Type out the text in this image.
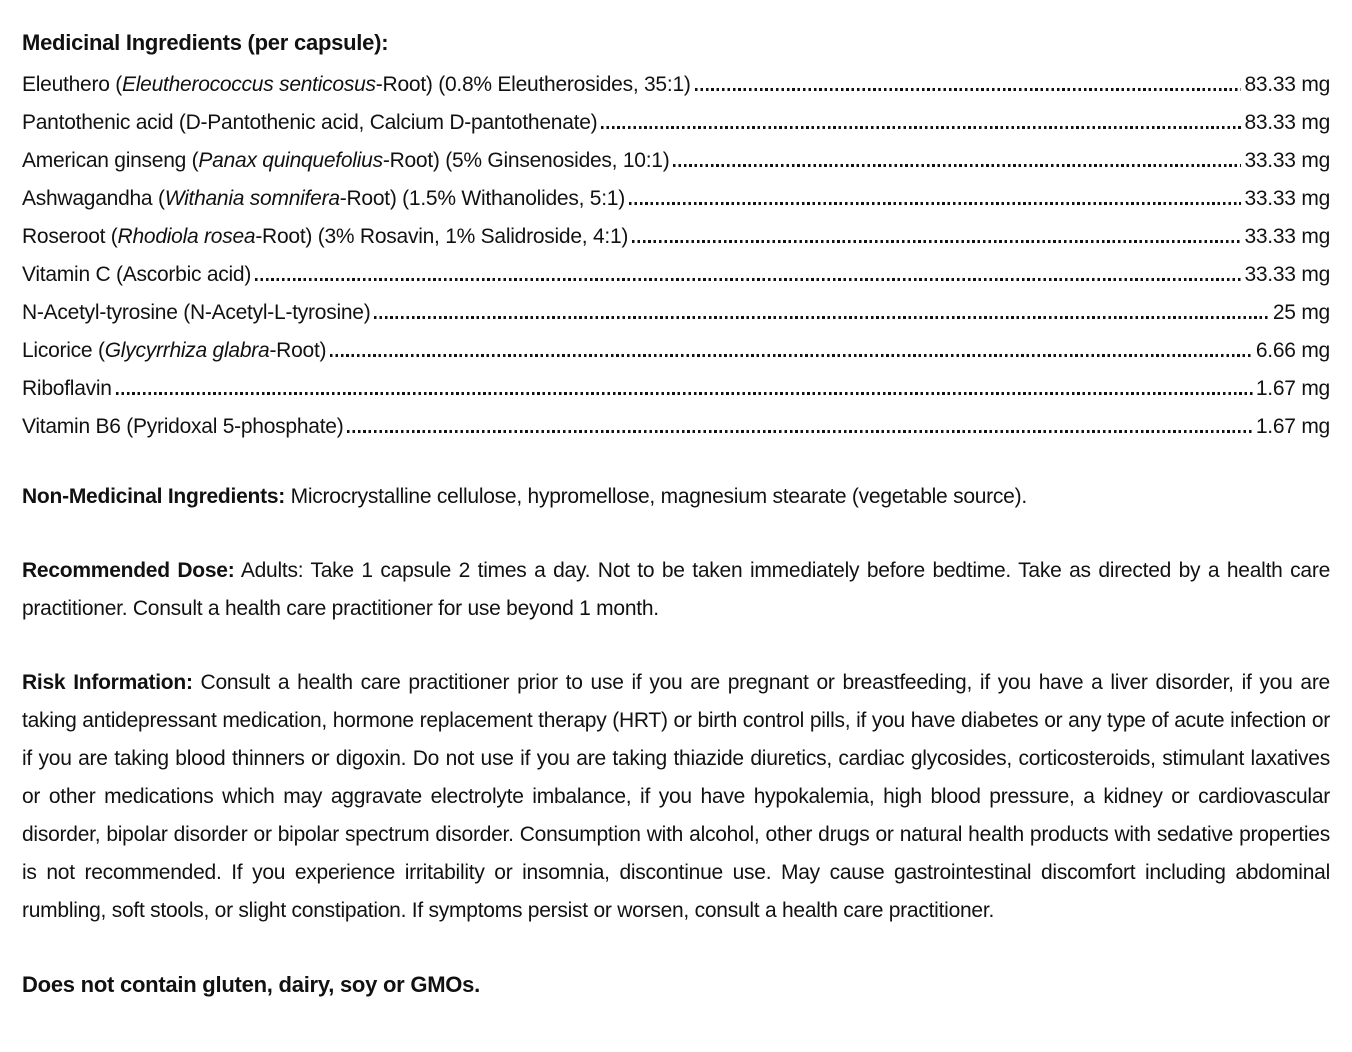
Medicinal Ingredients (per capsule):

Eleuthero (Eleutherococcus senticosus-Root) (0.8% Eleutherosides, 35:1)	83.33 mg
Pantothenic acid (D-Pantothenic acid, Calcium D-pantothenate)	83.33 mg
American ginseng (Panax quinquefolius-Root) (5% Ginsenosides, 10:1)	33.33 mg
Ashwagandha (Withania somnifera-Root) (1.5% Withanolides, 5:1)	33.33 mg
Roseroot (Rhodiola rosea-Root) (3% Rosavin, 1% Salidroside, 4:1)	33.33 mg
Vitamin C (Ascorbic acid)	33.33 mg
N-Acetyl-tyrosine (N-Acetyl-L-tyrosine)	25 mg
Licorice (Glycyrrhiza glabra-Root)	6.66 mg
Riboflavin	1.67 mg
Vitamin B6 (Pyridoxal 5-phosphate)	1.67 mg

Non-Medicinal Ingredients: Microcrystalline cellulose, hypromellose, magnesium stearate (vegetable source).

Recommended Dose: Adults: Take 1 capsule 2 times a day. Not to be taken immediately before bedtime. Take as directed by a health care practitioner. Consult a health care practitioner for use beyond 1 month.

Risk Information: Consult a health care practitioner prior to use if you are pregnant or breastfeeding, if you have a liver disorder, if you are taking antidepressant medication, hormone replacement therapy (HRT) or birth control pills, if you have diabetes or any type of acute infection or if you are taking blood thinners or digoxin. Do not use if you are taking thiazide diuretics, cardiac glycosides, corticosteroids, stimulant laxatives or other medications which may aggravate electrolyte imbalance, if you have hypokalemia, high blood pressure, a kidney or cardiovascular disorder, bipolar disorder or bipolar spectrum disorder. Consumption with alcohol, other drugs or natural health products with sedative properties is not recommended. If you experience irritability or insomnia, discontinue use. May cause gastrointestinal discomfort including abdominal rumbling, soft stools, or slight constipation. If symptoms persist or worsen, consult a health care practitioner.

Does not contain gluten, dairy, soy or GMOs.
